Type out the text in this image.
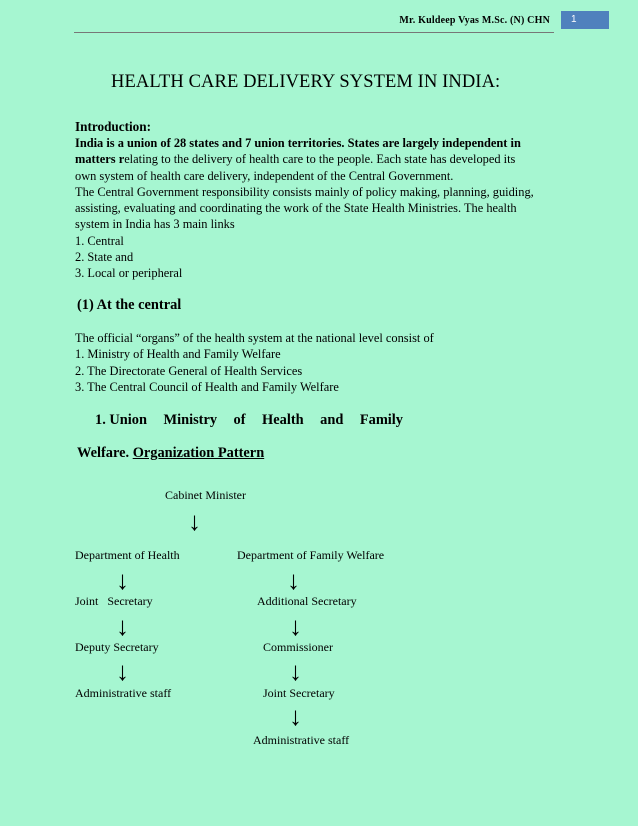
Mr. Kuldeep Vyas M.Sc. (N) CHN	1
HEALTH CARE DELIVERY SYSTEM IN INDIA:
Introduction:
India is a union of 28 states and 7 union territories. States are largely independent in
matters relating to the delivery of health care to the people. Each state has developed its
own system of health care delivery, independent of the Central Government.
The Central Government responsibility consists mainly of policy making, planning, guiding,
assisting, evaluating and coordinating the work of the State Health Ministries. The health
system in India has 3 main links
1. Central
2. State and
3. Local or peripheral
(1) At the central
The official “organs” of the health system at the national level consist of
1. Ministry of Health and Family Welfare
2. The Directorate General of Health Services
3. The Central Council of Health and Family Welfare
1. Union Ministry of Health and Family
Welfare. Organization Pattern
Cabinet Minister
↓
Department of Health	Department of Family Welfare
↓	↓
Joint   Secretary	Additional Secretary
↓	↓
Deputy Secretary	Commissioner
↓	↓
Administrative staff	Joint Secretary
↓
Administrative staff
